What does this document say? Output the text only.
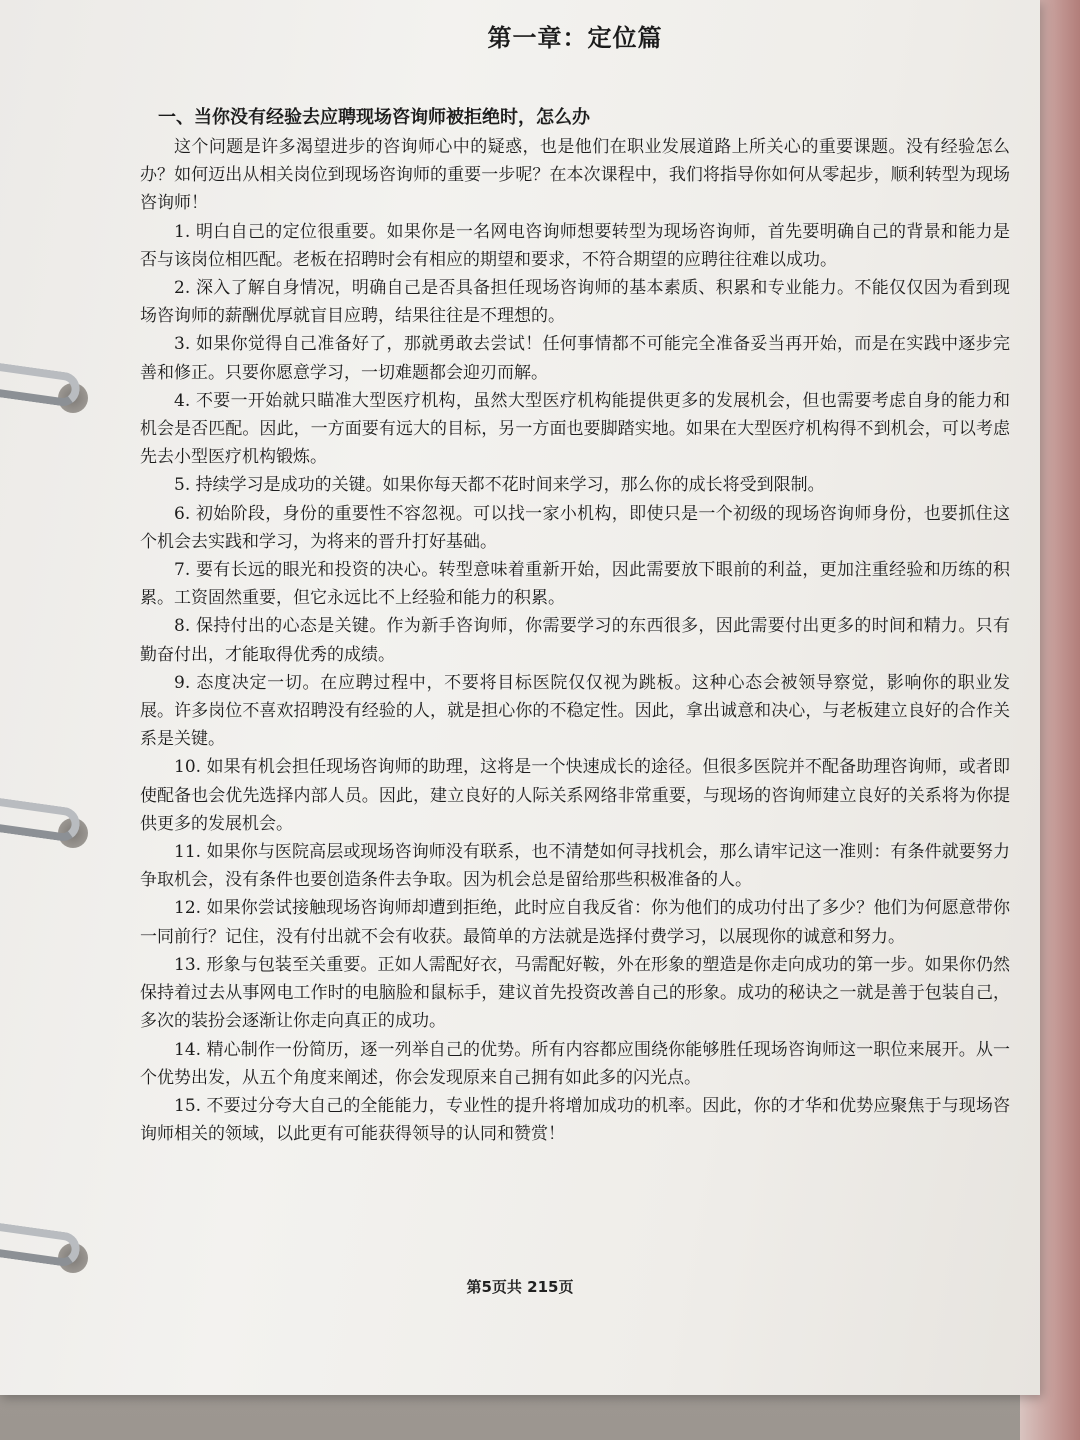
第一章：定位篇
一、当你没有经验去应聘现场咨询师被拒绝时，怎么办

这个问题是许多渴望进步的咨询师心中的疑惑，也是他们在职业发展道路上所关心的重要课题。没有经验怎么办？如何迈出从相关岗位到现场咨询师的重要一步呢？在本次课程中，我们将指导你如何从零起步，顺利转型为现场咨询师！

1. 明白自己的定位很重要。如果你是一名网电咨询师想要转型为现场咨询师，首先要明确自己的背景和能力是否与该岗位相匹配。老板在招聘时会有相应的期望和要求，不符合期望的应聘往往难以成功。

2. 深入了解自身情况，明确自己是否具备担任现场咨询师的基本素质、积累和专业能力。不能仅仅因为看到现场咨询师的薪酬优厚就盲目应聘，结果往往是不理想的。

3. 如果你觉得自己准备好了，那就勇敢去尝试！任何事情都不可能完全准备妥当再开始，而是在实践中逐步完善和修正。只要你愿意学习，一切难题都会迎刃而解。

4. 不要一开始就只瞄准大型医疗机构，虽然大型医疗机构能提供更多的发展机会，但也需要考虑自身的能力和机会是否匹配。因此，一方面要有远大的目标，另一方面也要脚踏实地。如果在大型医疗机构得不到机会，可以考虑先去小型医疗机构锻炼。

5. 持续学习是成功的关键。如果你每天都不花时间来学习，那么你的成长将受到限制。

6. 初始阶段，身份的重要性不容忽视。可以找一家小机构，即使只是一个初级的现场咨询师身份，也要抓住这个机会去实践和学习，为将来的晋升打好基础。

7. 要有长远的眼光和投资的决心。转型意味着重新开始，因此需要放下眼前的利益，更加注重经验和历练的积累。工资固然重要，但它永远比不上经验和能力的积累。

8. 保持付出的心态是关键。作为新手咨询师，你需要学习的东西很多，因此需要付出更多的时间和精力。只有勤奋付出，才能取得优秀的成绩。

9. 态度决定一切。在应聘过程中，不要将目标医院仅仅视为跳板。这种心态会被领导察觉，影响你的职业发展。许多岗位不喜欢招聘没有经验的人，就是担心你的不稳定性。因此，拿出诚意和决心，与老板建立良好的合作关系是关键。

10. 如果有机会担任现场咨询师的助理，这将是一个快速成长的途径。但很多医院并不配备助理咨询师，或者即使配备也会优先选择内部人员。因此，建立良好的人际关系网络非常重要，与现场的咨询师建立良好的关系将为你提供更多的发展机会。

11. 如果你与医院高层或现场咨询师没有联系，也不清楚如何寻找机会，那么请牢记这一准则：有条件就要努力争取机会，没有条件也要创造条件去争取。因为机会总是留给那些积极准备的人。

12. 如果你尝试接触现场咨询师却遭到拒绝，此时应自我反省：你为他们的成功付出了多少？他们为何愿意带你一同前行？记住，没有付出就不会有收获。最简单的方法就是选择付费学习，以展现你的诚意和努力。

13. 形象与包装至关重要。正如人需配好衣，马需配好鞍，外在形象的塑造是你走向成功的第一步。如果你仍然保持着过去从事网电工作时的电脑脸和鼠标手，建议首先投资改善自己的形象。成功的秘诀之一就是善于包装自己，多次的装扮会逐渐让你走向真正的成功。

14. 精心制作一份简历，逐一列举自己的优势。所有内容都应围绕你能够胜任现场咨询师这一职位来展开。从一个优势出发，从五个角度来阐述，你会发现原来自己拥有如此多的闪光点。

15. 不要过分夸大自己的全能能力，专业性的提升将增加成功的机率。因此，你的才华和优势应聚焦于与现场咨询师相关的领域，以此更有可能获得领导的认同和赞赏！

第5页共 215页
